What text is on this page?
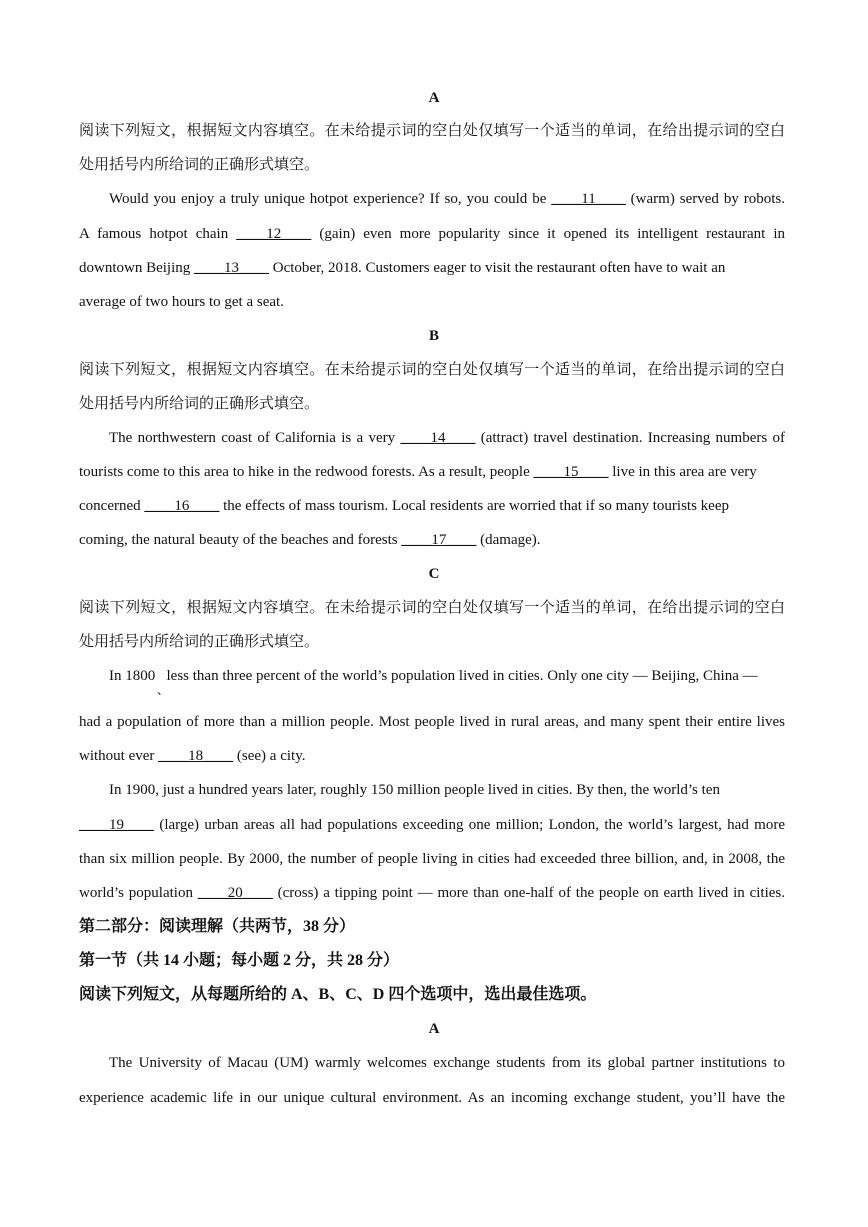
A
阅读下列短文，根据短文内容填空。在未给提示词的空白处仅填写一个适当的单词，在给出提示词的空白
处用括号内所给词的正确形式填空。
Would you enjoy a truly unique hotpot experience? If so, you could be ____11____ (warm) served by robots.
A famous hotpot chain ____12____ (gain) even more popularity since it opened its intelligent restaurant in
downtown Beijing ____13____ October, 2018. Customers eager to visit the restaurant often have to wait an
average of two hours to get a seat.
B
阅读下列短文，根据短文内容填空。在未给提示词的空白处仅填写一个适当的单词，在给出提示词的空白
处用括号内所给词的正确形式填空。
The northwestern coast of California is a very ____14____ (attract) travel destination. Increasing numbers of
tourists come to this area to hike in the redwood forests. As a result, people ____15____ live in this area are very
concerned ____16____ the effects of mass tourism. Local residents are worried that if so many tourists keep
coming, the natural beauty of the beaches and forests ____17____ (damage).
C
阅读下列短文，根据短文内容填空。在未给提示词的空白处仅填写一个适当的单词，在给出提示词的空白
处用括号内所给词的正确形式填空。
In 1800   less than three percent of the world’s population lived in cities. Only one city — Beijing, China —
、
had a population of more than a million people. Most people lived in rural areas, and many spent their entire lives
without ever ____18____ (see) a city.
In 1900, just a hundred years later, roughly 150 million people lived in cities. By then, the world’s ten
____19____ (large) urban areas all had populations exceeding one million; London, the world’s largest, had more
than six million people. By 2000, the number of people living in cities had exceeded three billion, and, in 2008, the
world’s population ____20____ (cross) a tipping point — more than one-half of the people on earth lived in cities.
第二部分：阅读理解（共两节，38 分）
第一节（共 14 小题；每小题 2 分，共 28 分）
阅读下列短文，从每题所给的 A、B、C、D 四个选项中，选出最佳选项。
A
The University of Macau (UM) warmly welcomes exchange students from its global partner institutions to
experience academic life in our unique cultural environment. As an incoming exchange student, you’ll have the
